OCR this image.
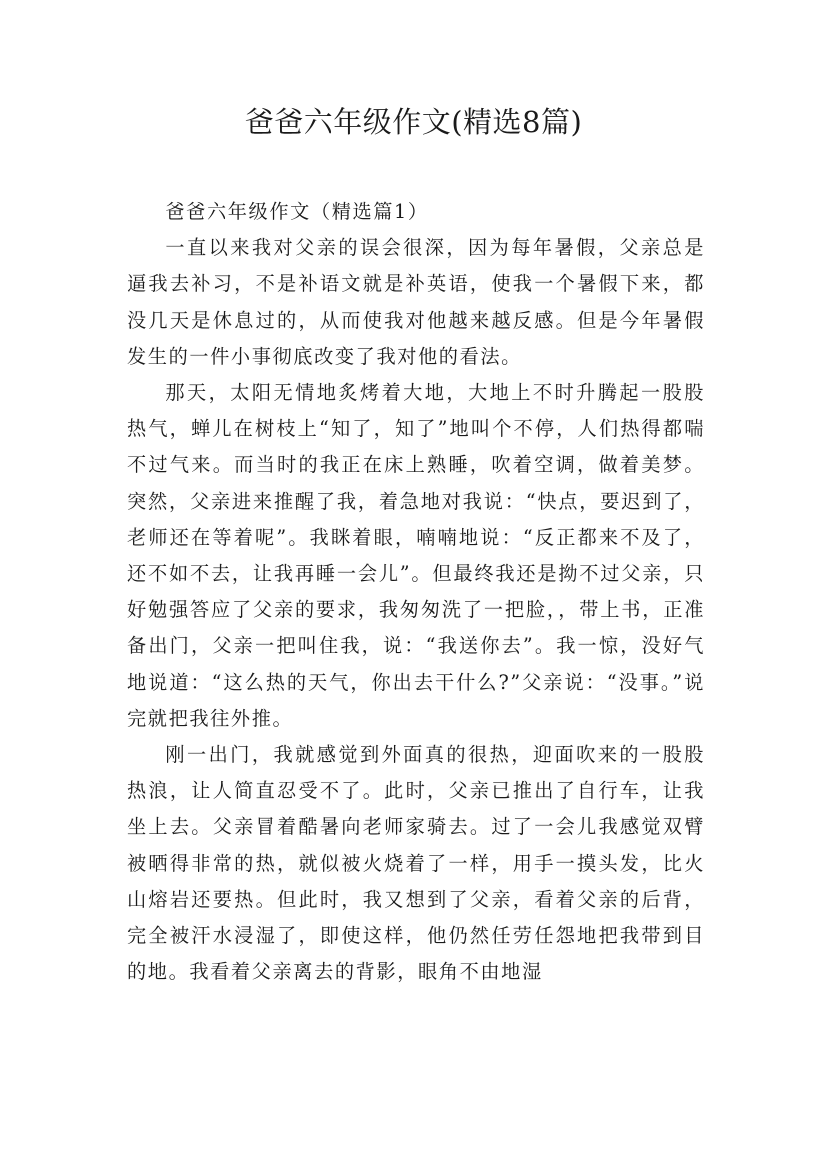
爸爸六年级作文(精选8篇)

爸爸六年级作文（精选篇1）

一直以来我对父亲的误会很深，因为每年暑假，父亲总是逼我去补习，不是补语文就是补英语，使我一个暑假下来，都没几天是休息过的，从而使我对他越来越反感。但是今年暑假发生的一件小事彻底改变了我对他的看法。

那天，太阳无情地炙烤着大地，大地上不时升腾起一股股热气，蝉儿在树枝上“知了，知了”地叫个不停，人们热得都喘不过气来。而当时的我正在床上熟睡，吹着空调，做着美梦。突然，父亲进来推醒了我，着急地对我说：“快点，要迟到了，老师还在等着呢”。我眯着眼，喃喃地说：“反正都来不及了，还不如不去，让我再睡一会儿”。但最终我还是拗不过父亲，只好勉强答应了父亲的要求，我匆匆洗了一把脸，，带上书，正准备出门，父亲一把叫住我，说：“我送你去”。我一惊，没好气地说道：“这么热的天气，你出去干什么?”父亲说：“没事。”说完就把我往外推。

刚一出门，我就感觉到外面真的很热，迎面吹来的一股股热浪，让人简直忍受不了。此时，父亲已推出了自行车，让我坐上去。父亲冒着酷暑向老师家骑去。过了一会儿我感觉双臂被晒得非常的热，就似被火烧着了一样，用手一摸头发，比火山熔岩还要热。但此时，我又想到了父亲，看着父亲的后背，完全被汗水浸湿了，即使这样，他仍然任劳任怨地把我带到目的地。我看着父亲离去的背影，眼角不由地湿
